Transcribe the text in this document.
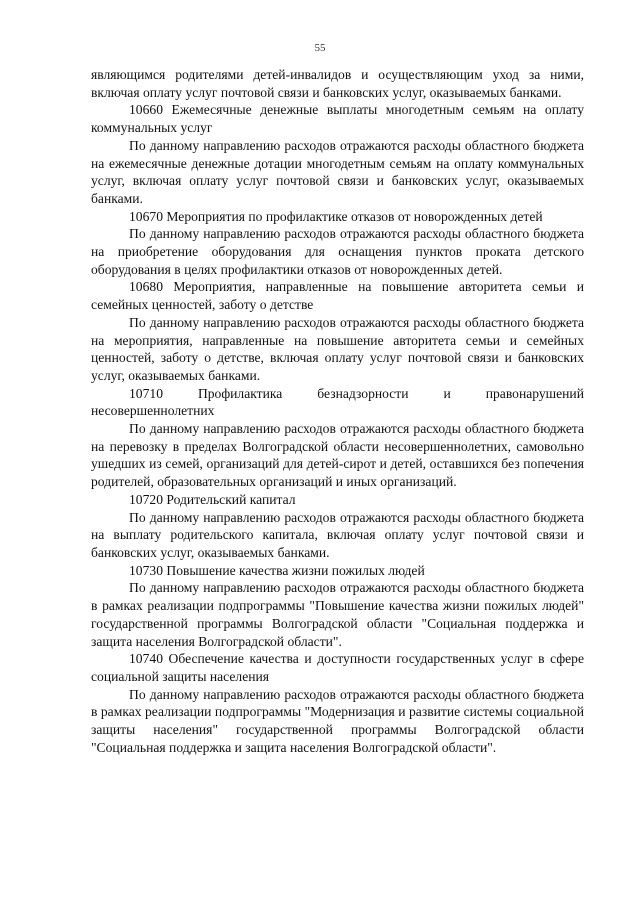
55

являющимся родителями детей-инвалидов и осуществляющим уход за ними, включая оплату услуг почтовой связи и банковских услуг, оказываемых банками.

10660 Ежемесячные денежные выплаты многодетным семьям на оплату коммунальных услуг

По данному направлению расходов отражаются расходы областного бюджета на ежемесячные денежные дотации многодетным семьям на оплату коммунальных услуг, включая оплату услуг почтовой связи и банковских услуг, оказываемых банками.

10670 Мероприятия по профилактике отказов от новорожденных детей

По данному направлению расходов отражаются расходы областного бюджета на приобретение оборудования для оснащения пунктов проката детского оборудования в целях профилактики отказов от новорожденных детей.

10680 Мероприятия, направленные на повышение авторитета семьи и семейных ценностей, заботу о детстве

По данному направлению расходов отражаются расходы областного бюджета на мероприятия, направленные на повышение авторитета семьи и семейных ценностей, заботу о детстве, включая оплату услуг почтовой связи и банковских услуг, оказываемых банками.

10710 Профилактика безнадзорности и правонарушений несовершеннолетних

По данному направлению расходов отражаются расходы областного бюджета на перевозку в пределах Волгоградской области несовершеннолетних, самовольно ушедших из семей, организаций для детей-сирот и детей, оставшихся без попечения родителей, образовательных организаций и иных организаций.

10720 Родительский капитал

По данному направлению расходов отражаются расходы областного бюджета на выплату родительского капитала, включая оплату услуг почтовой связи и банковских услуг, оказываемых банками.

10730 Повышение качества жизни пожилых людей

По данному направлению расходов отражаются расходы областного бюджета в рамках реализации подпрограммы "Повышение качества жизни пожилых людей" государственной программы Волгоградской области "Социальная поддержка и защита населения Волгоградской области".

10740 Обеспечение качества и доступности государственных услуг в сфере социальной защиты населения

По данному направлению расходов отражаются расходы областного бюджета в рамках реализации подпрограммы "Модернизация и развитие системы социальной защиты населения" государственной программы Волгоградской области "Социальная поддержка и защита населения Волгоградской области".
